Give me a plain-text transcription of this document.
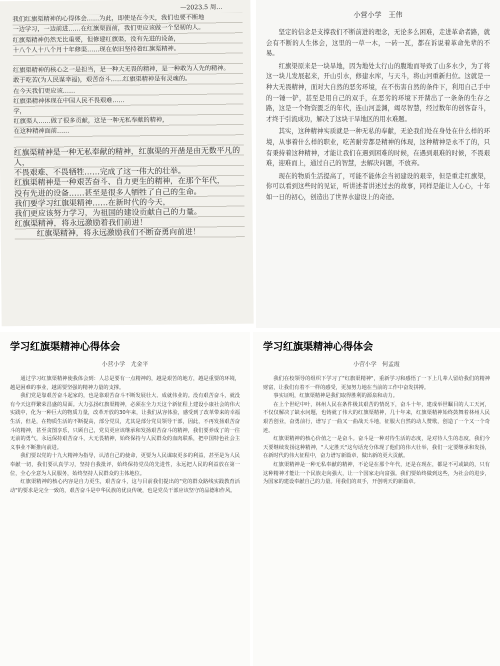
—2023.5 周…

我们红旗渠精神的心得体会……为此，即使是在今天，我们也要不断地

一边学习，一边前进……在红旗渠面前，我们更应该做一个坚韧的人。

红旗渠精神仍然无比重要，但修建红旗渠，没有先进的设备，

十八个人十八个月十年修渠……现在依旧坚持着红旗渠精神。

红旗渠精神的核心之一是担当，是一种大无畏的精神，是一种敢为人先的精神。

敢于吃苦(为人民谋幸福)，艰苦奋斗……红旗渠精神是有灵魂的。

在今天我们更应该……

红旗渠精神体现在中国人民不畏艰难……

学，

红旗渠人……做了很多贡献，这是一种无私奉献的精神，

在这种精神面前……

红旗渠精神是一种无私奉献的精神，红旗渠的开凿是由无数平凡的人，

不畏艰难、不畏牺牲……完成了这一伟大的壮举。

红旗渠精神是一种艰苦奋斗、自力更生的精神，在那个年代，

没有先进的设备……甚至是很多人牺牲了自己的生命。

我们要学习红旗渠精神……在新时代的今天，

我们更应该努力学习，为祖国的建设贡献自己的力量。

红旗渠精神，将永远激励着我们前进！

红旗渠精神，将永远激励我们不断奋勇向前进！

小营小学　王伟

坚定的信念是支撑我们不断前进的理念，无论多么困难，走进革命者路，就会有不断的人生体会，这里的一草一木，一砖一瓦，都在诉说着革命先辈的不易。

红旗渠原来是一块旱地，因为地处太行山的腹地而导致了山多水少，为了将这一块儿发展起来，开山引水，修建水库，与天斗，将山河重新归位。这就是一种大无畏精神，面对大自然的恶劣环境，在不伤害自然的条件下，利用自己手中的一锤一铲，甚至是用自己的双手，在恶劣的环境下开凿出了一条条的生存之路，这是一个物资匮乏的年代，连山河盖渊，竭尽智慧，经过数年的创客奋斗，才终于引流成功，解决了这块干旱地区的用水难题。

其实，这种精神实质就是一种无私的奉献，无论我们处在身处在什么样的环境，从事着什么样的职业，吃苦耐劳都是精神的体现，这种精神是永不了的，只有秉持着这种精神，才能让我们在遇到困难的时候，在遇到艰难的时候，不畏艰难，迎难而上，通过自己的智慧，去解决问题，不放弃。

现在的物质生活提高了，可能不能体会当初建设的艰辛，但是重走红旗渠，你可以看到这些时的见证，听讲述者讲述过去的故事，同样是能让人心心，十年如一日的初心，创造出了世界水建设上的奇迹。

学习红旗渠精神心得体会
小营小学　尤金平

通过学习红旗渠精神使我体会到：人总是要有一点精神的，越是艰苦的地方，越是重要的环境，越是困难的事业，越需要坚强的精神力量的支撑。

我们党是靠艰苦奋斗起家的，也是靠艰苦奋斗不断发展壮大、成就伟业的。没有艰苦奋斗，就没有今天这样繁荣昌盛的局面。大力弘扬红旗渠精神，必须在全力天这个新征程上建设小康社会的伟大实践中，化为一种巨大的物质力量，改革开放的30年来，让我们从容体验，感受到了改革带来的幸福生活，但是，在物质生活的不断提高，部分党员，尤其是部分党员领导干部，因此，不再发扬艰苦奋斗的精神，甚至贪图享乐，只顾自己，党员更应该继承和发扬艰苦奋斗的精神，我们要养成了的一往无前的勇气，永远保持艰苦奋斗，大无畏精神，始终保持与人民群众的血肉联系，把中国特色社会主义事业不断推向前进。

我们要以党的十九大精神为指导，认清自己的使命，更要为人民谋取更多的利益，甚至是为人民奉献一切，我们要认真学习，坚持自我批评，始终保持党员的先进性，永远把人民的利益放在第一位，全心全意为人民服务，始终坚持人民群众的主体地位。

红旗渠精神的核心内容是自力更生，艰苦奋斗，这与目前我们提出的"党的群众路线实践教育活动"的要求是完全一致的，艰苦奋斗是中华民族的优良传统，也是党员干部应该坚守的品德和作风。

学习红旗渠精神心得体会
小营小学　何孟霞

我们在校领导的组织下学习了"红旗渠精神"，重新学习和感悟了一下上几辈人留给我们的精神财富，让我们有着不一样的感受，更加努力地在当前的工作中奋发拼搏。

事实证明，红旗渠精神是我们取得胜利的源泉和动力。

在上个世纪中叶，林州人民在条件极其艰苦的情况下，奋斗十年，建成举世瞩目的人工天河，不仅仅解决了缺水问题，也铸就了伟大的红旗渠精神，几十年来，红旗渠精神始终鼓舞着林州人民艰苦创业，奋勇前行，谱写了一曲又一曲战天斗地，征服大自然的动人赞歌，创造了一个又一个奇迹。

红旗渠精神的核心价值之一是奋斗。奋斗是一种对待生活的态度，是对待人生的态度，我们今天要继续发扬这种精神，"人定胜天"这句话充分体现了他们的伟大壮举，我们一定要继承和发扬，在新时代的伟大征程中，奋力谱写新篇章，做出新的更大贡献。

红旗渠精神是一种无私奉献的精神，不论是在那个年代，还是在现在，都是不可或缺的，只有这种精神才能让一个民族走向强大，让一个国家走向富强。我们要始终做到这些，为社会的进步，为国家的建设奉献自己的力量。用我们的双手，开创明天的新篇章。
